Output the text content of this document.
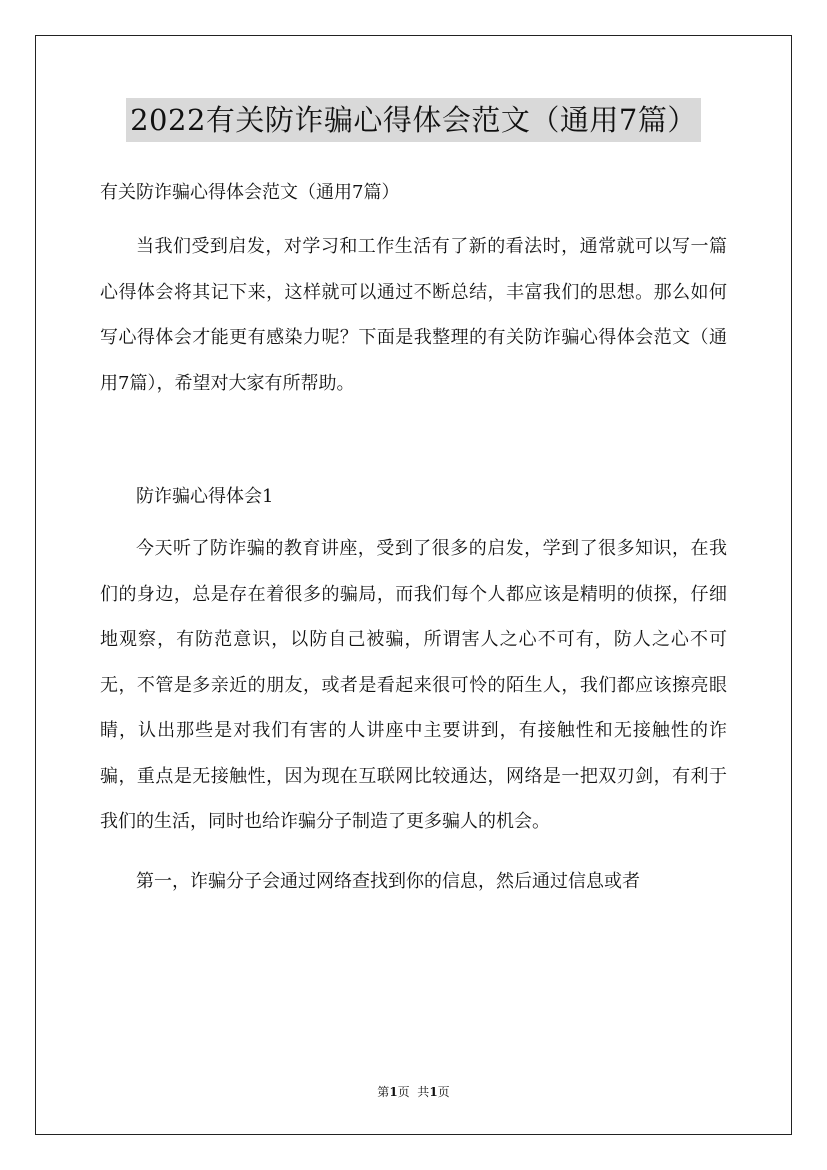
2022有关防诈骗心得体会范文（通用7篇）

有关防诈骗心得体会范文（通用7篇）

当我们受到启发，对学习和工作生活有了新的看法时，通常就可以写一篇心得体会将其记下来，这样就可以通过不断总结，丰富我们的思想。那么如何写心得体会才能更有感染力呢？下面是我整理的有关防诈骗心得体会范文（通用7篇），希望对大家有所帮助。

防诈骗心得体会1

今天听了防诈骗的教育讲座，受到了很多的启发，学到了很多知识，在我们的身边，总是存在着很多的骗局，而我们每个人都应该是精明的侦探，仔细地观察，有防范意识，以防自己被骗，所谓害人之心不可有，防人之心不可无，不管是多亲近的朋友，或者是看起来很可怜的陌生人，我们都应该擦亮眼睛，认出那些是对我们有害的人讲座中主要讲到，有接触性和无接触性的诈骗，重点是无接触性，因为现在互联网比较通达，网络是一把双刃剑，有利于我们的生活，同时也给诈骗分子制造了更多骗人的机会。

第一，诈骗分子会通过网络查找到你的信息，然后通过信息或者

第1页  共1页
